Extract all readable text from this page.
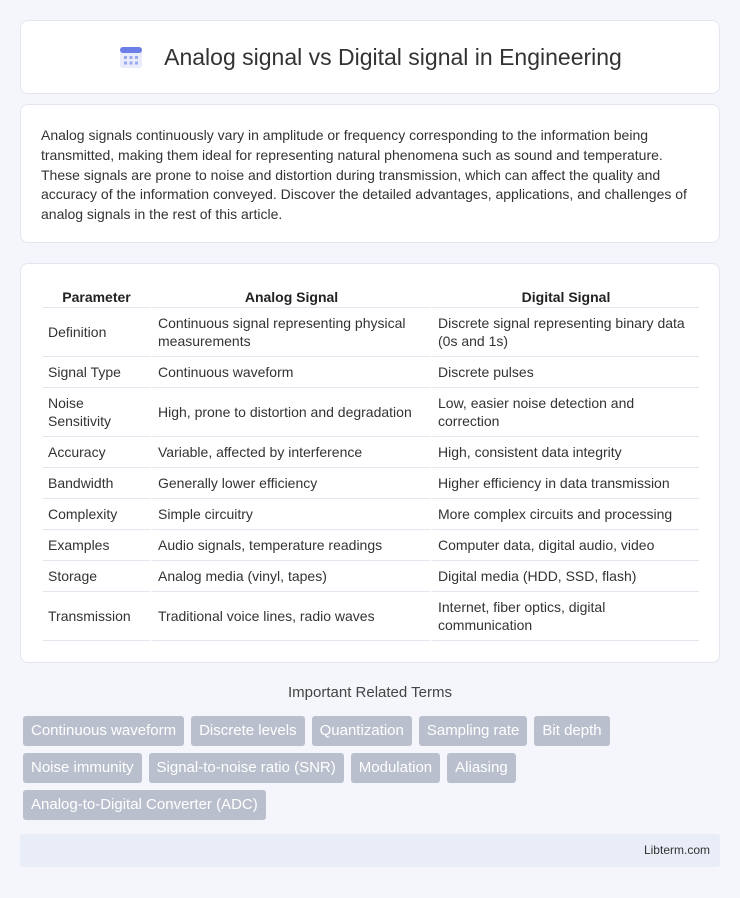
Analog signal vs Digital signal in Engineering

Analog signals continuously vary in amplitude or frequency corresponding to the information being transmitted, making them ideal for representing natural phenomena such as sound and temperature. These signals are prone to noise and distortion during transmission, which can affect the quality and accuracy of the information conveyed. Discover the detailed advantages, applications, and challenges of analog signals in the rest of this article.

Parameter	Analog Signal	Digital Signal
Definition	Continuous signal representing physical measurements	Discrete signal representing binary data (0s and 1s)
Signal Type	Continuous waveform	Discrete pulses
Noise Sensitivity	High, prone to distortion and degradation	Low, easier noise detection and correction
Accuracy	Variable, affected by interference	High, consistent data integrity
Bandwidth	Generally lower efficiency	Higher efficiency in data transmission
Complexity	Simple circuitry	More complex circuits and processing
Examples	Audio signals, temperature readings	Computer data, digital audio, video
Storage	Analog media (vinyl, tapes)	Digital media (HDD, SSD, flash)
Transmission	Traditional voice lines, radio waves	Internet, fiber optics, digital communication
Important Related Terms
Continuous waveform	Discrete levels	Quantization	Sampling rate	Bit depth
Noise immunity	Signal-to-noise ratio (SNR)	Modulation	Aliasing
Analog-to-Digital Converter (ADC)
Libterm.com
